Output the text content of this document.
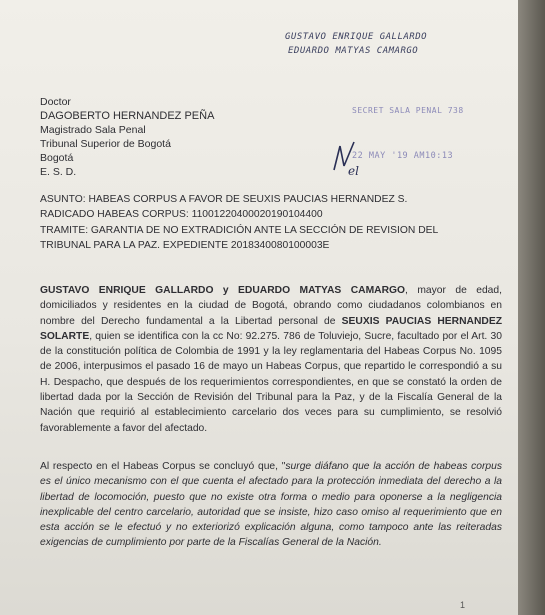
GUSTAVO ENRIQUE GALLARDO
EDUARDO MATYAS CAMARGO
Doctor
DAGOBERTO HERNANDEZ PEÑA
Magistrado Sala Penal
Tribunal Superior de Bogotá
Bogotá
E. S. D.
SECRET SALA PENAL 738
22 MAY '19 AM10:13
el
ASUNTO: HABEAS CORPUS A FAVOR DE SEUXIS PAUCIAS HERNANDEZ S.
RADICADO HABEAS CORPUS: 11001220400020190104400
TRAMITE: GARANTIA DE NO EXTRADICIÓN ANTE LA SECCIÓN DE REVISION DEL
TRIBUNAL PARA LA PAZ. EXPEDIENTE 2018340080100003E
GUSTAVO ENRIQUE GALLARDO y EDUARDO MATYAS CAMARGO, mayor de edad, domiciliados y residentes en la ciudad de Bogotá, obrando como ciudadanos colombianos en nombre del Derecho fundamental a la Libertad personal de SEUXIS PAUCIAS HERNANDEZ SOLARTE, quien se identifica con la cc No: 92.275. 786 de Toluviejo, Sucre, facultado por el Art. 30 de la constitución política de Colombia de 1991 y la ley reglamentaria del Habeas Corpus No. 1095 de 2006, interpusimos el pasado 16 de mayo un Habeas Corpus, que repartido le correspondió a su H. Despacho, que después de los requerimientos correspondientes, en que se constató la orden de libertad dada por la Sección de Revisión del Tribunal para la Paz, y de la Fiscalía General de la Nación que requirió al establecimiento carcelario dos veces para su cumplimiento, se resolvió favorablemente a favor del afectado.
Al respecto en el Habeas Corpus se concluyó que, "surge diáfano que la acción de habeas corpus es el único mecanismo con el que cuenta el afectado para la protección inmediata del derecho a la libertad de locomoción, puesto que no existe otra forma o medio para oponerse a la negligencia inexplicable del centro carcelario, autoridad que se insiste, hizo caso omiso al requerimiento que en esta acción se le efectuó y no exteriorizó explicación alguna, como tampoco ante las reiteradas exigencias de cumplimiento por parte de la Fiscalías General de la Nación.
1
